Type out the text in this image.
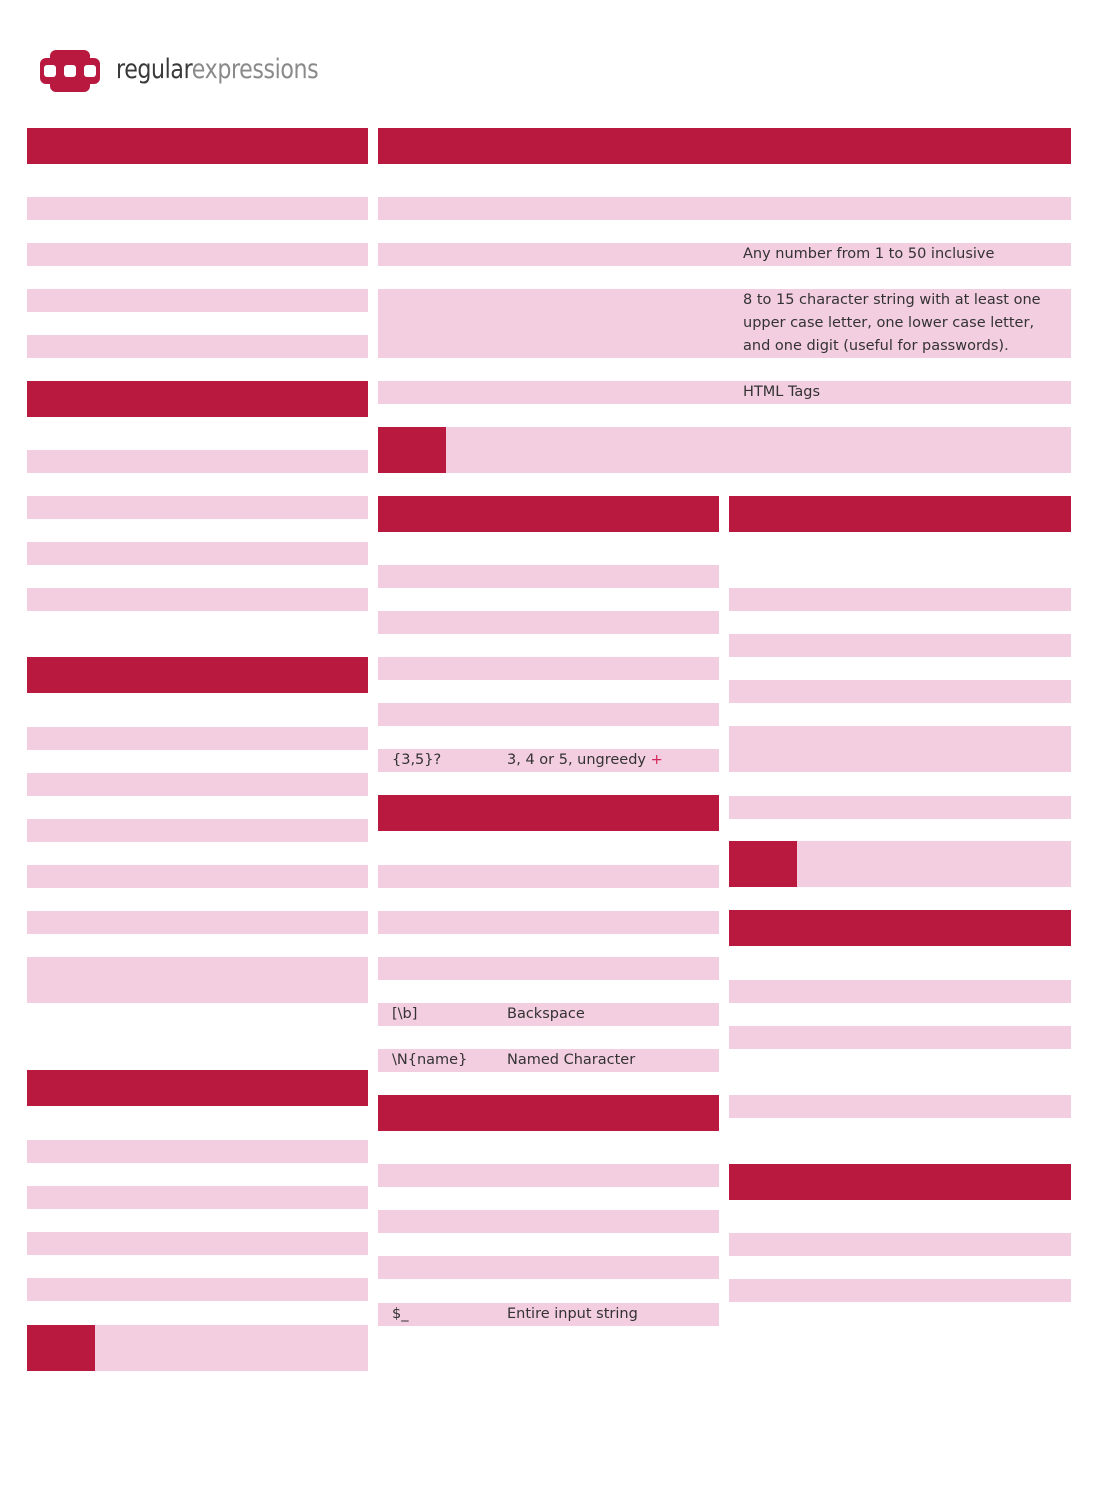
regularexpressions
Any number from 1 to 50 inclusive
8 to 15 character string with at least one upper case letter, one lower case letter, and one digit (useful for passwords).
HTML Tags
{3,5}?	3, 4 or 5, ungreedy +
[\b]	Backspace
\N{name}	Named Character
$_	Entire input string
